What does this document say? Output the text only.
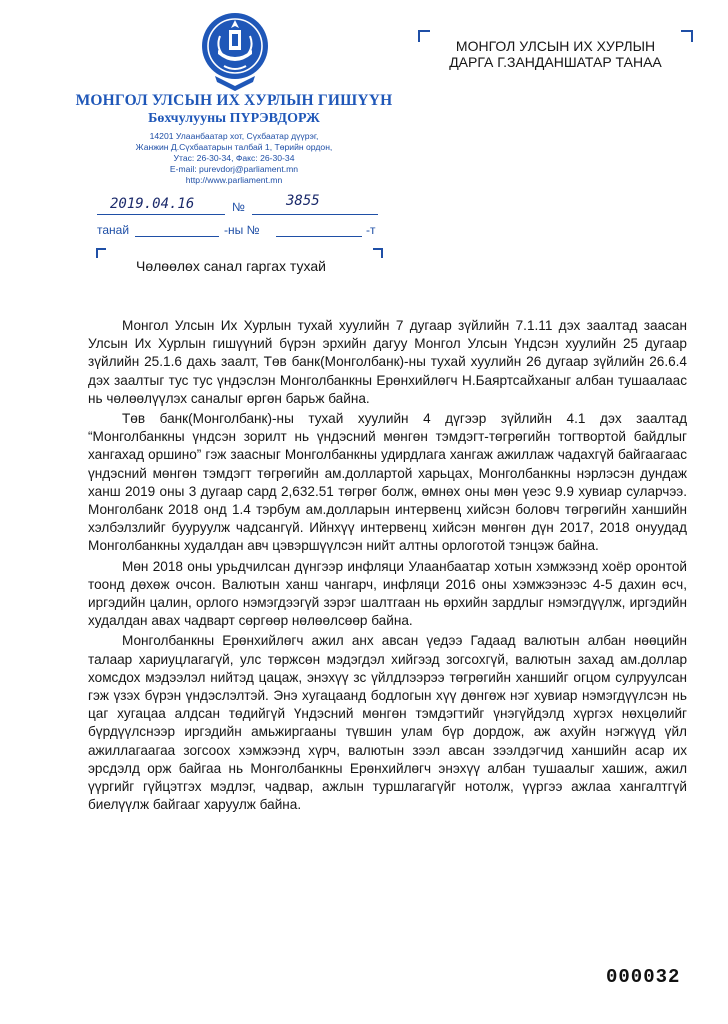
МОНГОЛ УЛСЫН ИХ ХУРЛЫН ГИШҮҮН
Бөхчулууны ПҮРЭВДОРЖ
14201 Улаанбаатар хот, Сүхбаатар дүүрэг,
Жанжин Д.Сүхбаатарын талбай 1, Төрийн ордон,
Утас: 26-30-34, Факс: 26-30-34
E-mail: purevdorj@parliament.mn
http://www.parliament.mn
МОНГОЛ УЛСЫН ИХ ХУРЛЫН
ДАРГА Г.ЗАНДАНШАТАР ТАНАА
2019.04.16	№	3855
танай	-ны №	-т
Чөлөөлөх санал гаргах тухай

Монгол Улсын Их Хурлын тухай хуулийн 7 дугаар зүйлийн 7.1.11 дэх заалтад заасан Улсын Их Хурлын гишүүний бүрэн эрхийн дагуу Монгол Улсын Үндсэн хуулийн 25 дугаар зүйлийн 25.1.6 дахь заалт, Төв банк(Монголбанк)-ны тухай хуулийн 26 дугаар зүйлийн 26.6.4 дэх заалтыг тус тус үндэслэн Монголбанкны Ерөнхийлөгч Н.Баяртсайханыг албан тушаалаас нь чөлөөлүүлэх саналыг өргөн барьж байна.

Төв банк(Монголбанк)-ны тухай хуулийн 4 дүгээр зүйлийн 4.1 дэх заалтад “Монголбанкны үндсэн зорилт нь үндэсний мөнгөн тэмдэгт-төгрөгийн тогтвортой байдлыг хангахад оршино” гэж заасныг Монголбанкны удирдлага хангаж ажиллаж чадахгүй байгаагаас үндэсний мөнгөн тэмдэгт төгрөгийн ам.доллартой харьцах, Монголбанкны нэрлэсэн дундаж ханш 2019 оны 3 дугаар сард 2,632.51 төгрөг болж, өмнөх оны мөн үеэс 9.9 хувиар суларчээ. Монголбанк 2018 онд 1.4 тэрбум ам.долларын интервенц хийсэн боловч төгрөгийн ханшийн хэлбэлзлийг бууруулж чадсангүй. Ийнхүү интервенц хийсэн мөнгөн дүн 2017, 2018 онуудад Монголбанкны худалдан авч цэвэршүүлсэн нийт алтны орлоготой тэнцэж байна.

Мөн 2018 оны урьдчилсан дүнгээр инфляци Улаанбаатар хотын хэмжээнд хоёр оронтой тоонд дөхөж очсон. Валютын ханш чангарч, инфляци 2016 оны хэмжээнээс 4-5 дахин өсч, иргэдийн цалин, орлого нэмэгдээгүй зэрэг шалтгаан нь өрхийн зардлыг нэмэгдүүлж, иргэдийн худалдан авах чадварт сөргөөр нөлөөлсөөр байна.

Монголбанкны Ерөнхийлөгч ажил анх авсан үедээ Гадаад валютын албан нөөцийн талаар хариуцлагагүй, улс төржсөн мэдэгдэл хийгээд зогсохгүй, валютын захад ам.доллар хомсдох мэдээлэл нийтэд цацаж, энэхүү зс үйлдлээрээ төгрөгийн ханшийг огцом сулруулсан гэж үзэх бүрэн үндэслэлтэй. Энэ хугацаанд бодлогын хүү дөнгөж нэг хувиар нэмэгдүүлсэн нь цаг хугацаа алдсан төдийгүй Үндэсний мөнгөн тэмдэгтийг үнэгүйдэлд хүргэх нөхцөлийг бүрдүүлснээр иргэдийн амьжиргааны түвшин улам бүр дордож, аж ахуйн нэгжүүд үйл ажиллагаагаа зогсоох хэмжээнд хүрч, валютын зээл авсан зээлдэгчид ханшийн асар их эрсдэлд орж байгаа нь Монголбанкны Ерөнхийлөгч энэхүү албан тушаалыг хашиж, ажил үүргийг гүйцэтгэх мэдлэг, чадвар, ажлын туршлагагүйг нотолж, үүргээ ажлаа хангалтгүй биелүүлж байгааг харуулж байна.

000032
